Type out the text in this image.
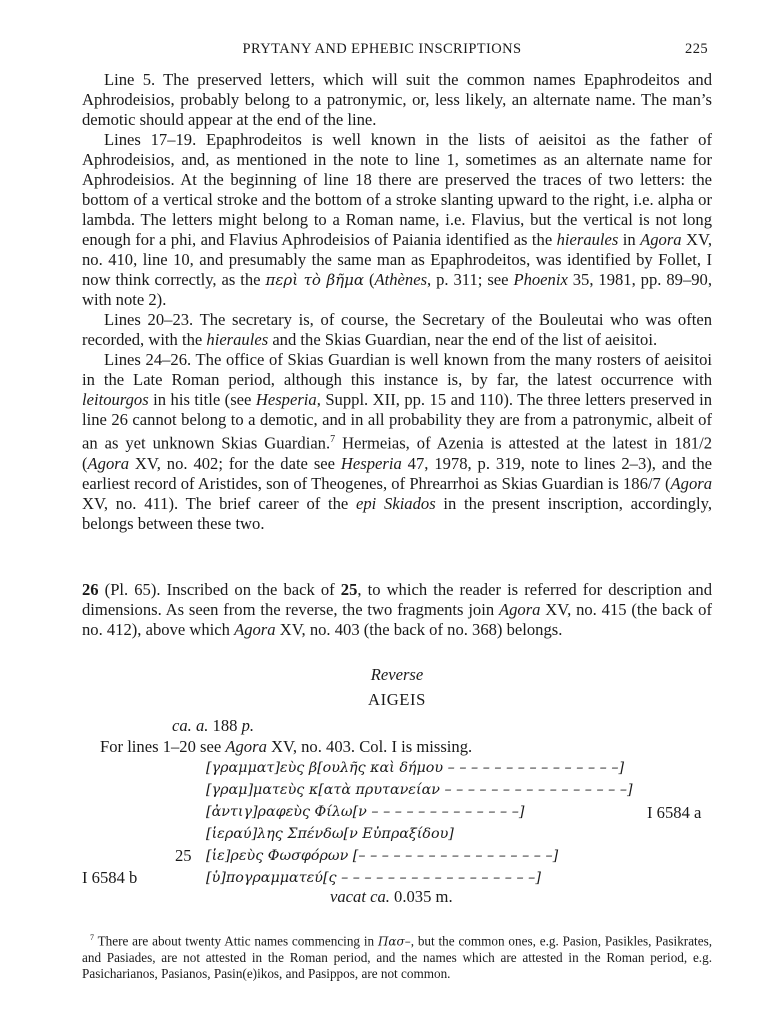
PRYTANY AND EPHEBIC INSCRIPTIONS	225

Line 5. The preserved letters, which will suit the common names Epaphrodeitos and Aphrodeisios, probably belong to a patronymic, or, less likely, an alternate name. The man’s demotic should appear at the end of the line.

Lines 17–19. Epaphrodeitos is well known in the lists of aeisitoi as the father of Aphrodeisios, and, as mentioned in the note to line 1, sometimes as an alternate name for Aphrodeisios. At the beginning of line 18 there are preserved the traces of two letters: the bottom of a vertical stroke and the bottom of a stroke slanting upward to the right, i.e. alpha or lambda. The letters might belong to a Roman name, i.e. Flavius, but the vertical is not long enough for a phi, and Flavius Aphrodeisios of Paiania identified as the hieraules in Agora XV, no. 410, line 10, and presumably the same man as Epaphrodeitos, was identified by Follet, I now think correctly, as the περὶ τὸ βῆμα (Athènes, p. 311; see Phoenix 35, 1981, pp. 89–90, with note 2).

Lines 20–23. The secretary is, of course, the Secretary of the Bouleutai who was often recorded, with the hieraules and the Skias Guardian, near the end of the list of aeisitoi.

Lines 24–26. The office of Skias Guardian is well known from the many rosters of aeisitoi in the Late Roman period, although this instance is, by far, the latest occurrence with leitourgos in his title (see Hesperia, Suppl. XII, pp. 15 and 110). The three letters preserved in line 26 cannot belong to a demotic, and in all probability they are from a patronymic, albeit of an as yet unknown Skias Guardian.$^7$ Hermeias, of Azenia is attested at the latest in 181/2 (Agora XV, no. 402; for the date see Hesperia 47, 1978, p. 319, note to lines 2–3), and the earliest record of Aristides, son of Theogenes, of Phrearrhoi as Skias Guardian is 186/7 (Agora XV, no. 411). The brief career of the epi Skiados in the present inscription, accordingly, belongs between these two.

26 (Pl. 65). Inscribed on the back of 25, to which the reader is referred for description and dimensions. As seen from the reverse, the two fragments join Agora XV, no. 415 (the back of no. 412), above which Agora XV, no. 403 (the back of no. 368) belongs.

Reverse
AIGEIS
ca. a. 188 p.
For lines 1–20 see Agora XV, no. 403. Col. I is missing.
[γραμματ]εὺς β[ουλῆς καὶ δήμου – – – – – – – – – – – – – – –]
[γραμ]ματεὺς κ[ατὰ πρυτανείαν – – – – – – – – – – – – – – – –]
[ἀντιγ]ραφεὺς Φίλω[ν – – – – – – – – – – – – –]
[ἱεραύ]λης Σπένδω[ν Εὐπραξίδου]
[ἱε]ρεὺς Φωσφόρων [– – – – – – – – – – – – – – – – –]
[ὑ]πογραμματεύ[ς – – – – – – – – – – – – – – – – –]
25
I 6584 a
I 6584 b
vacat ca. 0.035 m.

$^7$ There are about twenty Attic names commencing in Πασ–, but the common ones, e.g. Pasion, Pasikles, Pasikrates, and Pasiades, are not attested in the Roman period, and the names which are attested in the Roman period, e.g. Pasicharianos, Pasianos, Pasin(e)ikos, and Pasippos, are not common.
